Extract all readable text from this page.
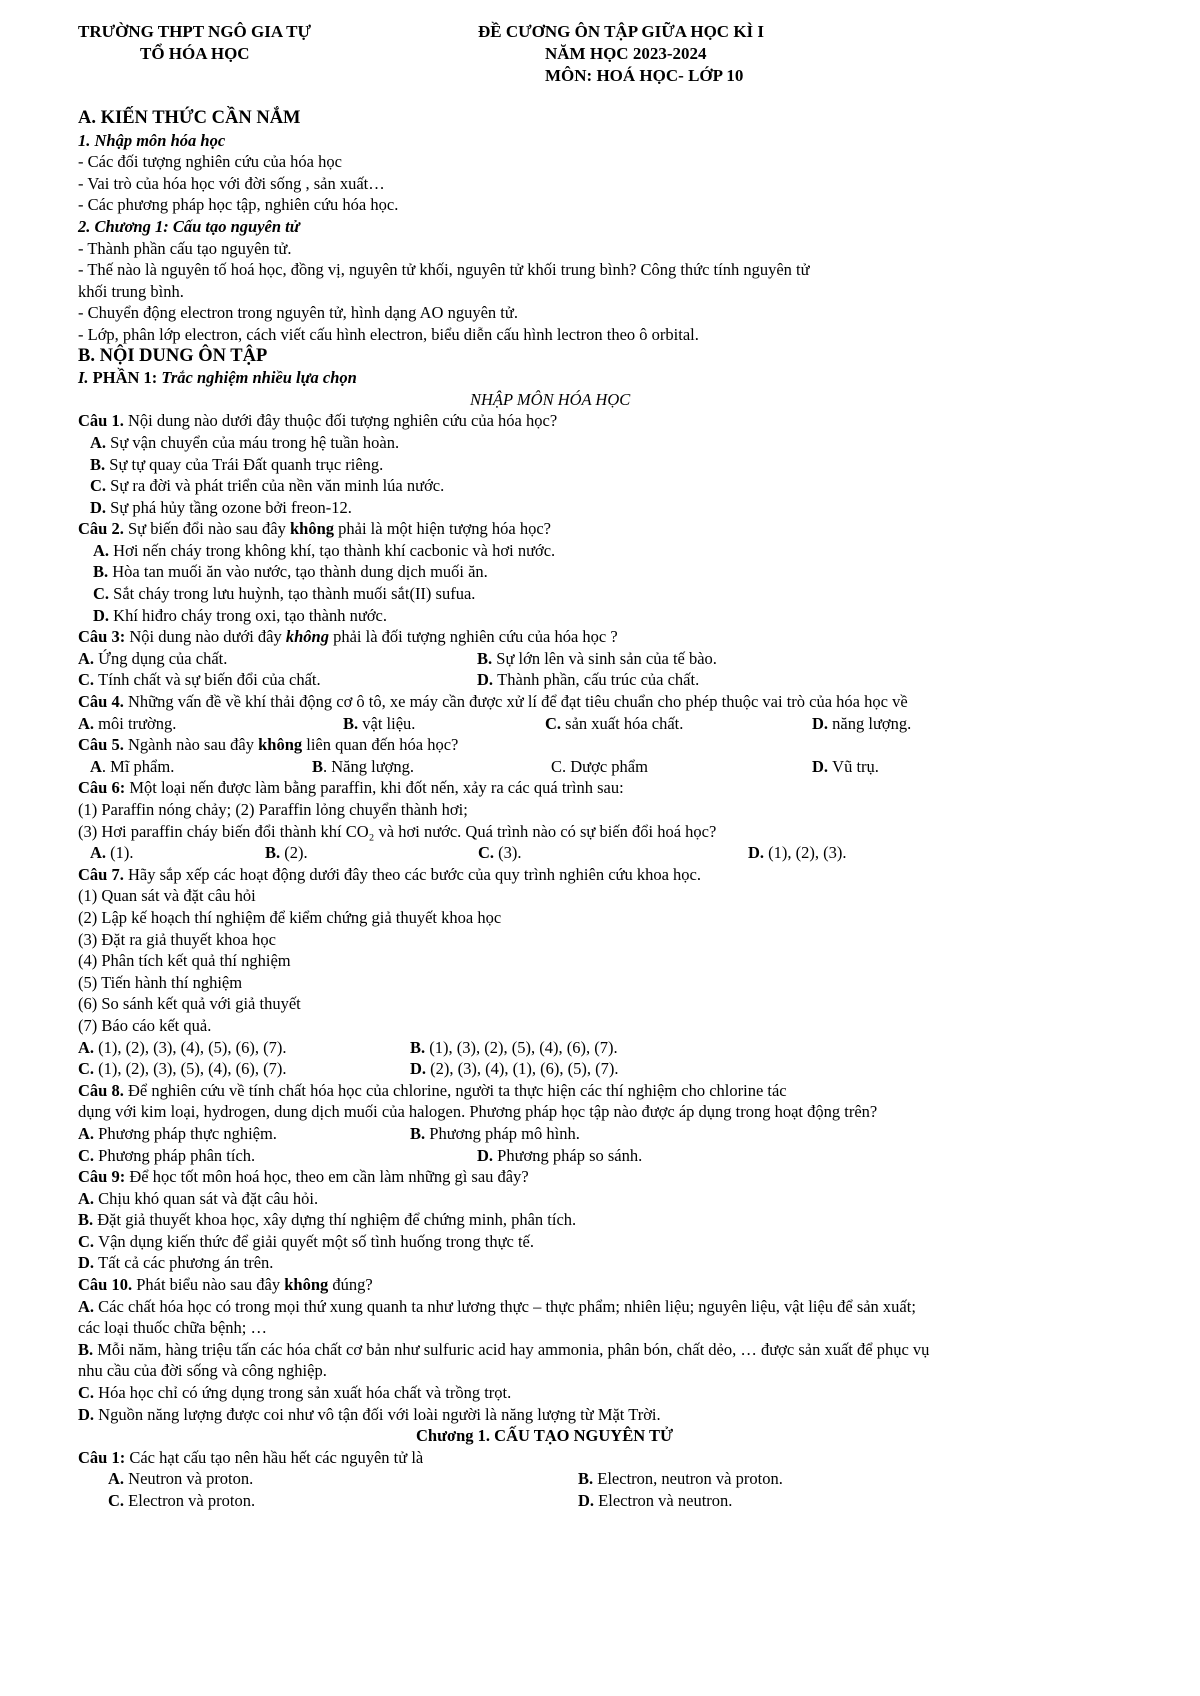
TRƯỜNG THPT NGÔ GIA TỰ
TỔ HÓA HỌC
ĐỀ CƯƠNG ÔN TẬP GIỮA HỌC KÌ I
NĂM HỌC 2023-2024
MÔN: HOÁ HỌC- LỚP 10
A. KIẾN THỨC CẦN NẮM
1. Nhập môn hóa học
- Các đối tượng nghiên cứu của hóa học
- Vai trò của hóa học với đời sống , sản xuất…
- Các phương pháp học tập, nghiên cứu hóa học.
2. Chương 1: Cấu tạo nguyên tử
- Thành phần cấu tạo nguyên tử.
- Thế nào là nguyên tố hoá học, đồng vị, nguyên tử khối, nguyên tử khối trung bình? Công thức tính nguyên tử
khối trung bình.
- Chuyển động electron trong nguyên tử, hình dạng AO nguyên tử.
- Lớp, phân lớp electron, cách viết cấu hình electron, biểu diễn cấu hình lectron theo ô orbital.
B. NỘI DUNG ÔN TẬP
I. PHẦN 1: Trắc nghiệm nhiều lựa chọn
NHẬP MÔN HÓA HỌC
Câu 1. Nội dung nào dưới đây thuộc đối tượng nghiên cứu của hóa học?
A. Sự vận chuyển của máu trong hệ tuần hoàn.
B. Sự tự quay của Trái Đất quanh trục riêng.
C. Sự ra đời và phát triển của nền văn minh lúa nước.
D. Sự phá hủy tầng ozone bởi freon-12.
Câu 2. Sự biến đổi nào sau đây không phải là một hiện tượng hóa học?
A. Hơi nến cháy trong không khí, tạo thành khí cacbonic và hơi nước.
B. Hòa tan muối ăn vào nước, tạo thành dung dịch muối ăn.
C. Sắt cháy trong lưu huỳnh, tạo thành muối sắt(II) sufua.
D. Khí hiđro cháy trong oxi, tạo thành nước.
Câu 3: Nội dung nào dưới đây không phải là đối tượng nghiên cứu của hóa học ?
A. Ứng dụng của chất.	B. Sự lớn lên và sinh sản của tế bào.
C. Tính chất và sự biến đổi của chất.	D. Thành phần, cấu trúc của chất.
Câu 4. Những vấn đề về khí thải động cơ ô tô, xe máy cần được xử lí để đạt tiêu chuẩn cho phép thuộc vai trò của hóa học về
A. môi trường.	B. vật liệu.	C. sản xuất hóa chất.	D. năng lượng.
Câu 5. Ngành nào sau đây không liên quan đến hóa học?
A. Mĩ phẩm.	B. Năng lượng.	C. Dược phẩm	D. Vũ trụ.
Câu 6: Một loại nến được làm bằng paraffin, khi đốt nến, xảy ra các quá trình sau:
(1) Paraffin nóng chảy; (2) Paraffin lỏng chuyển thành hơi;
(3) Hơi paraffin cháy biến đổi thành khí CO₂ và hơi nước. Quá trình nào có sự biến đổi hoá học?
A. (1).	B. (2).	C. (3).	D. (1), (2), (3).
Câu 7. Hãy sắp xếp các hoạt động dưới đây theo các bước của quy trình nghiên cứu khoa học.
(1) Quan sát và đặt câu hỏi
(2) Lập kế hoạch thí nghiệm để kiểm chứng giả thuyết khoa học
(3) Đặt ra giả thuyết khoa học
(4) Phân tích kết quả thí nghiệm
(5) Tiến hành thí nghiệm
(6) So sánh kết quả với giả thuyết
(7) Báo cáo kết quả.
A. (1), (2), (3), (4), (5), (6), (7).	B. (1), (3), (2), (5), (4), (6), (7).
C. (1), (2), (3), (5), (4), (6), (7).	D. (2), (3), (4), (1), (6), (5), (7).
Câu 8. Để nghiên cứu về tính chất hóa học của chlorine, người ta thực hiện các thí nghiệm cho chlorine tác
dụng với kim loại, hydrogen, dung dịch muối của halogen. Phương pháp học tập nào được áp dụng trong hoạt động trên?
A. Phương pháp thực nghiệm.	B. Phương pháp mô hình.
C. Phương pháp phân tích.	D. Phương pháp so sánh.
Câu 9: Để học tốt môn hoá học, theo em cần làm những gì sau đây?
A. Chịu khó quan sát và đặt câu hỏi.
B. Đặt giả thuyết khoa học, xây dựng thí nghiệm để chứng minh, phân tích.
C. Vận dụng kiến thức để giải quyết một số tình huống trong thực tế.
D. Tất cả các phương án trên.
Câu 10. Phát biểu nào sau đây không đúng?
A. Các chất hóa học có trong mọi thứ xung quanh ta như lương thực – thực phẩm; nhiên liệu; nguyên liệu, vật liệu để sản xuất;
các loại thuốc chữa bệnh; …
B. Mỗi năm, hàng triệu tấn các hóa chất cơ bản như sulfuric acid hay ammonia, phân bón, chất dẻo, … được sản xuất để phục vụ
nhu cầu của đời sống và công nghiệp.
C. Hóa học chỉ có ứng dụng trong sản xuất hóa chất và trồng trọt.
D. Nguồn năng lượng được coi như vô tận đối với loài người là năng lượng từ Mặt Trời.
Chương 1. CẤU TẠO NGUYÊN TỬ
Câu 1: Các hạt cấu tạo nên hầu hết các nguyên tử là
A. Neutron và proton.	B. Electron, neutron và proton.
C. Electron và proton.	D. Electron và neutron.
